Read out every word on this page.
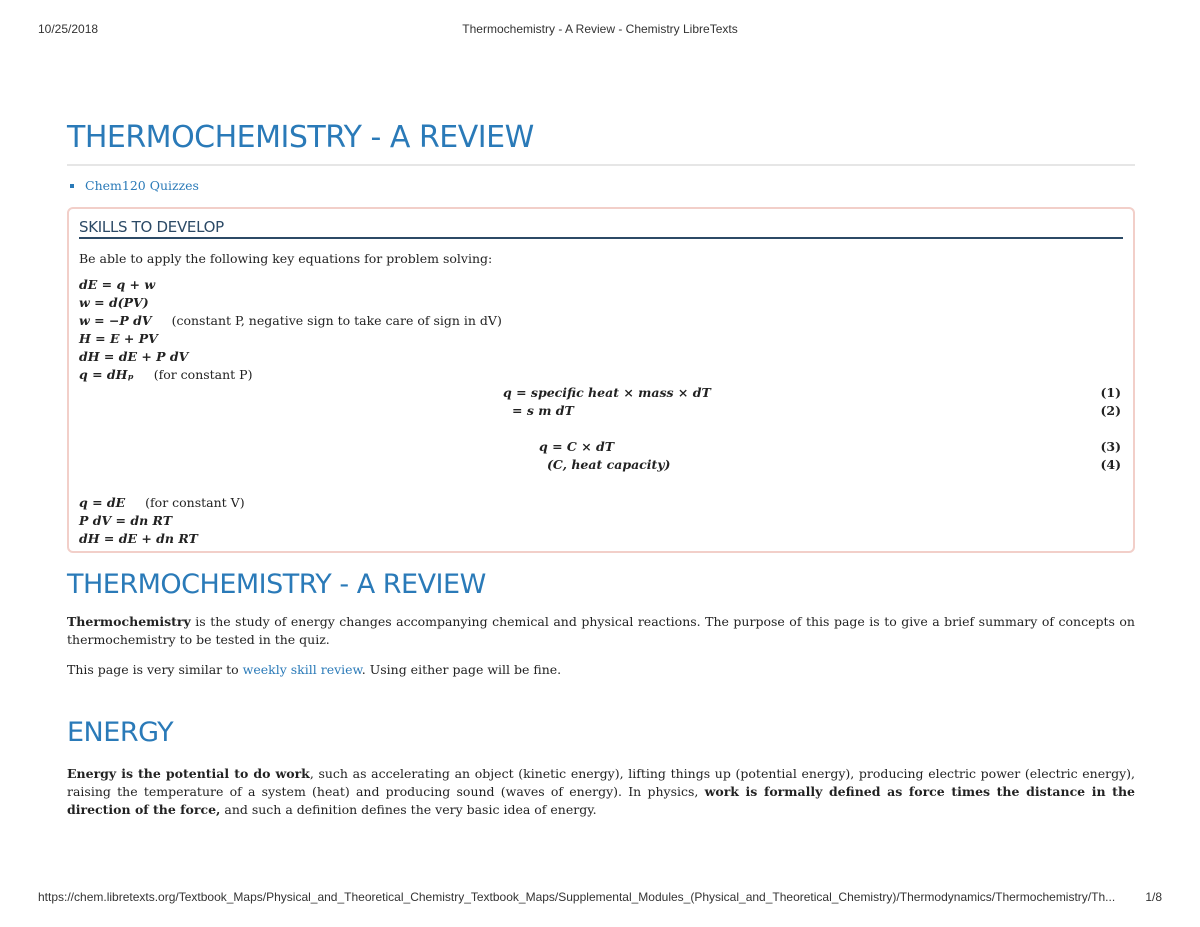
10/25/2018	Thermochemistry - A Review - Chemistry LibreTexts
THERMOCHEMISTRY - A REVIEW
▪ Chem120 Quizzes
SKILLS TO DEVELOP
Be able to apply the following key equations for problem solving:
dE = q + w
w = d(PV)
w = −P dV (constant P, negative sign to take care of sign in dV)
H = E + PV
dH = dE + P dV
q = dHₚ (for constant P)
q = specific heat × mass × dT	(1)
= s m dT	(2)
q = C × dT	(3)
(C, heat capacity)	(4)
q = dE (for constant V)
P dV = dn RT
dH = dE + dn RT
THERMOCHEMISTRY - A REVIEW

Thermochemistry is the study of energy changes accompanying chemical and physical reactions. The purpose of this page is to give a brief summary of concepts on thermochemistry to be tested in the quiz.

This page is very similar to weekly skill review. Using either page will be fine.

ENERGY

Energy is the potential to do work, such as accelerating an object (kinetic energy), lifting things up (potential energy), producing electric power (electric energy), raising the temperature of a system (heat) and producing sound (waves of energy). In physics, work is formally defined as force times the distance in the direction of the force, and such a definition defines the very basic idea of energy.

https://chem.libretexts.org/Textbook_Maps/Physical_and_Theoretical_Chemistry_Textbook_Maps/Supplemental_Modules_(Physical_and_Theoretical_Chemistry)/Thermodynamics/Thermochemistry/Th...	1/8
